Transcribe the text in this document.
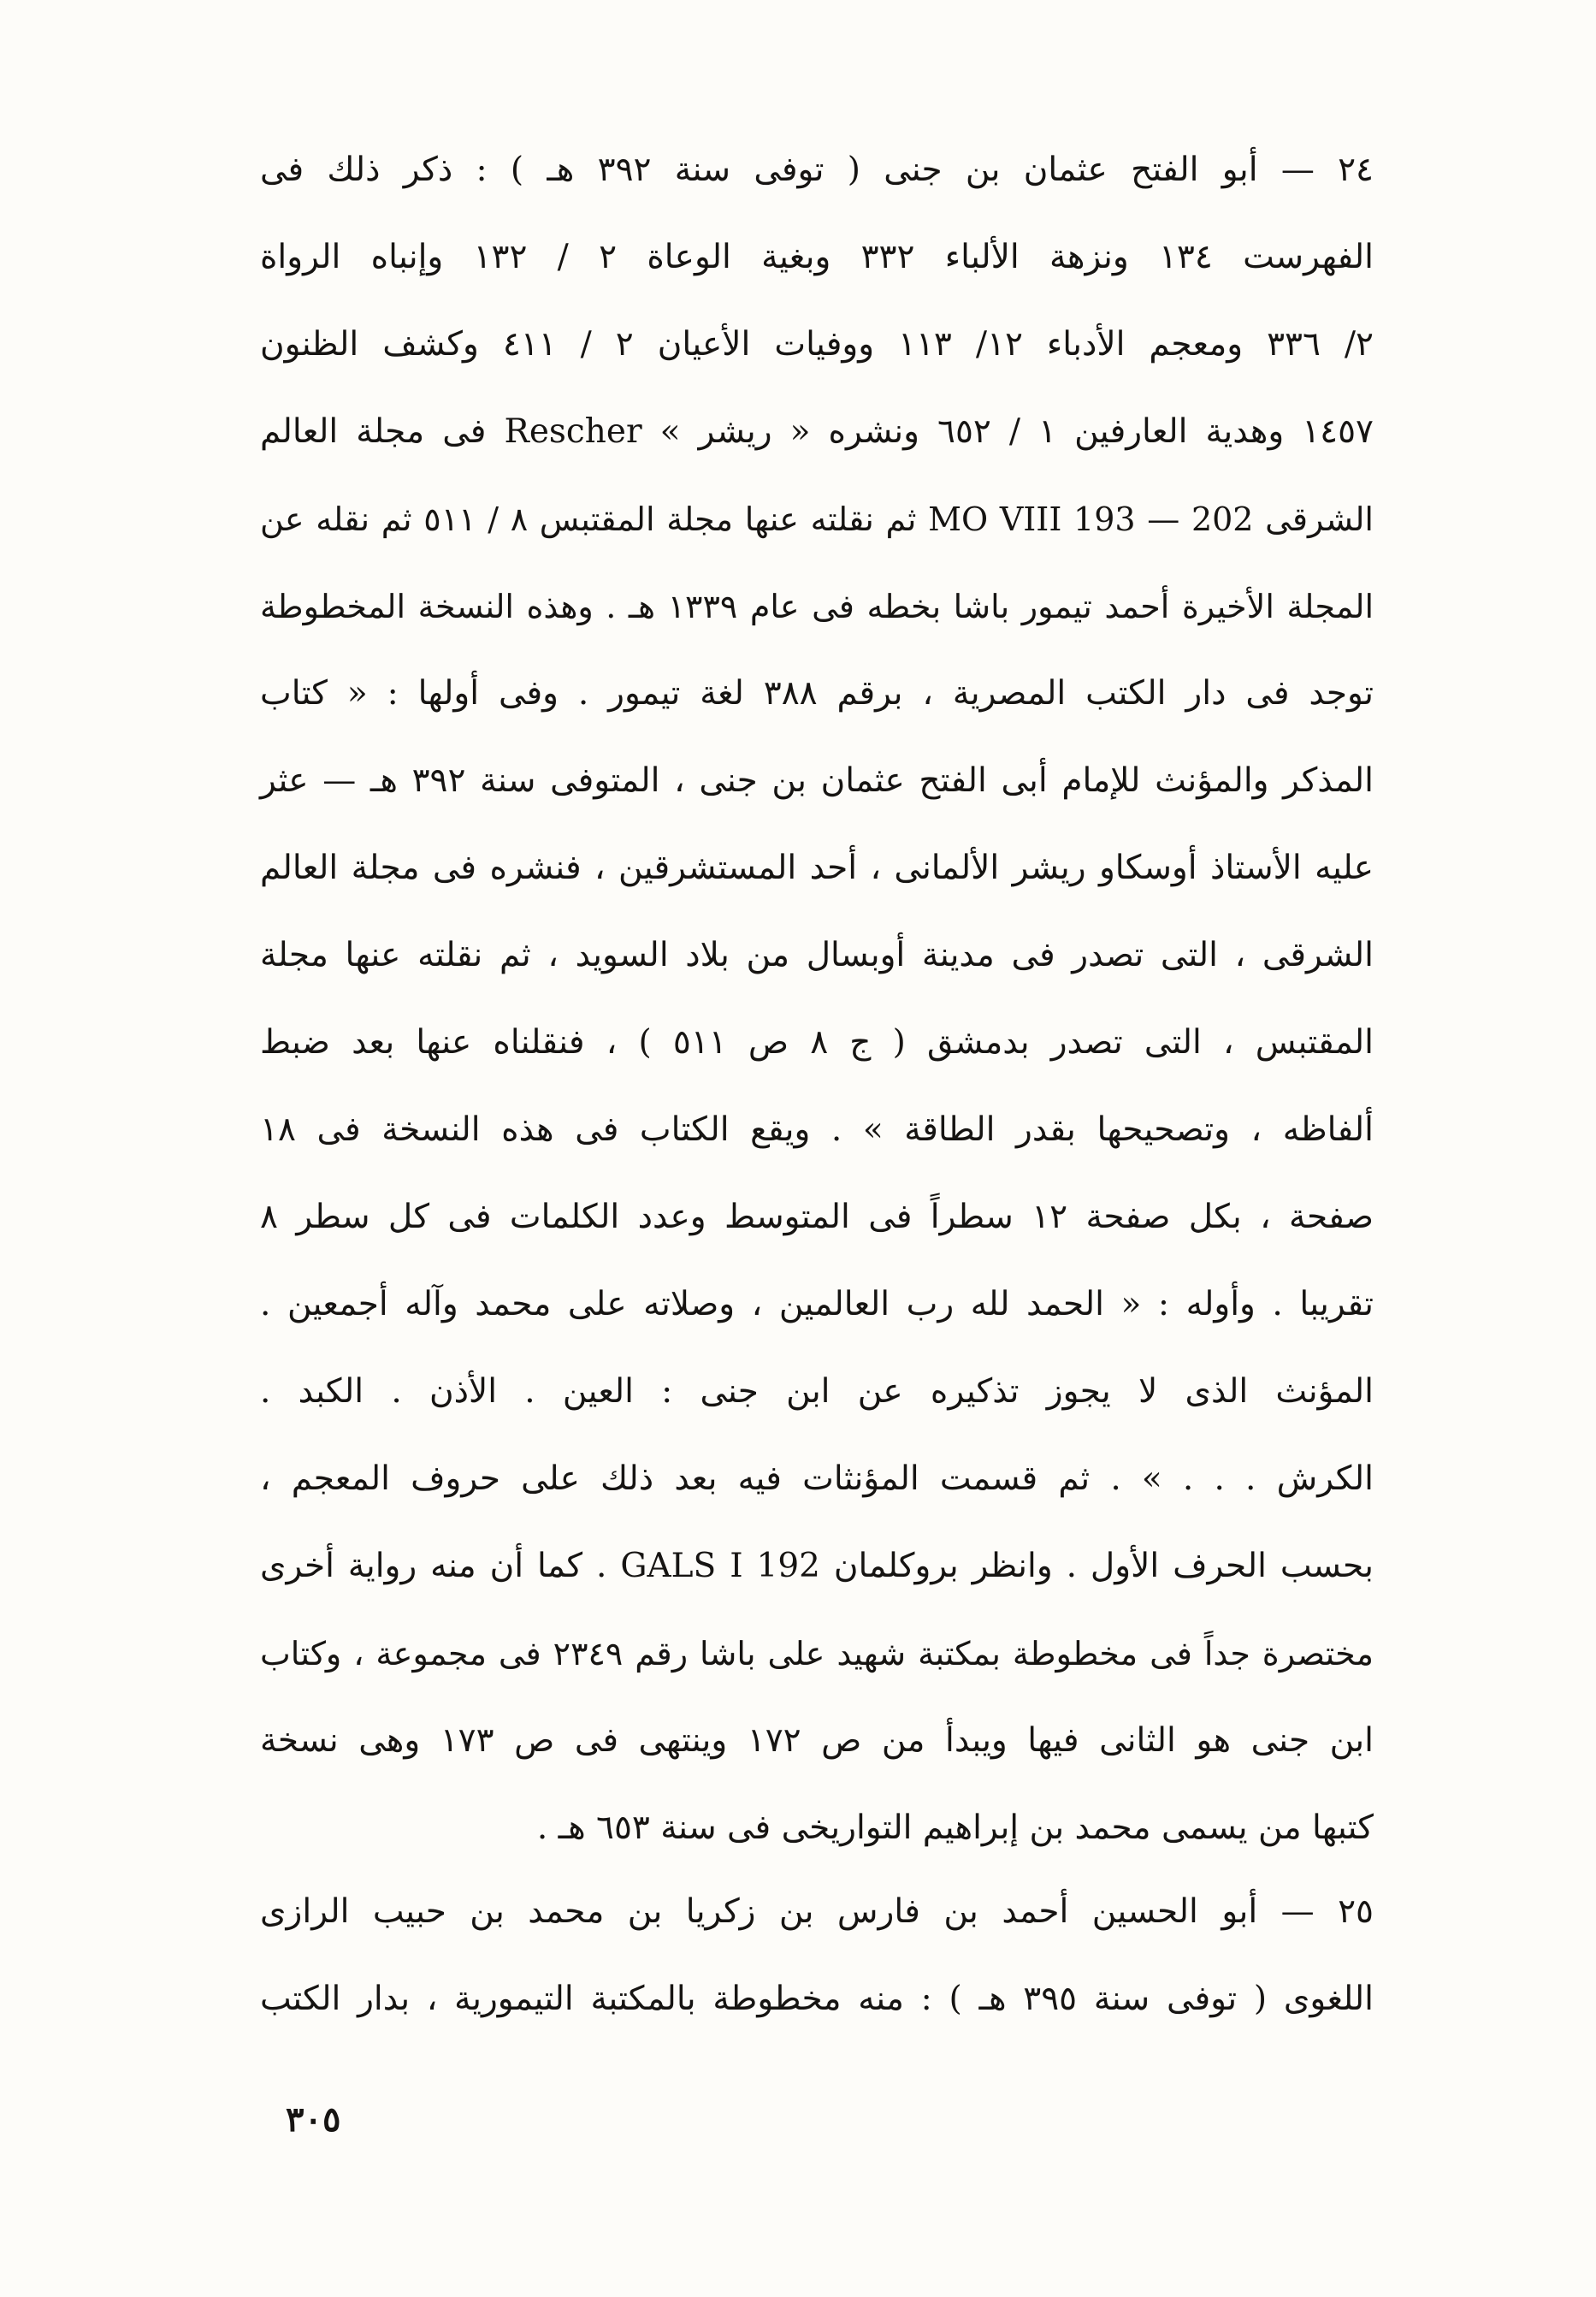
٢٤ — أبو الفتح عثمان بن جنى ( توفى سنة ٣٩٢ هـ ) : ذكر ذلك فى
الفهرست ١٣٤ ونزهة الألباء ٣٣٢ وبغية الوعاة ٢ / ١٣٢ وإنباه الرواة
٢/ ٣٣٦ ومعجم الأدباء ١٢/ ١١٣ ووفيات الأعيان ٢ / ٤١١ وكشف الظنون
١٤٥٧ وهدية العارفين ١ / ٦٥٢ ونشره « ريشر » Rescher فى مجلة العالم
الشرقى 202 — MO VIII 193 ثم نقلته عنها مجلة المقتبس ٨ / ٥١١ ثم نقله عن
المجلة الأخيرة أحمد تيمور باشا بخطه فى عام ١٣٣٩ هـ . وهذه النسخة المخطوطة
توجد فى دار الكتب المصرية ، برقم ٣٨٨ لغة تيمور . وفى أولها : « كتاب
المذكر والمؤنث للإمام أبى الفتح عثمان بن جنى ، المتوفى سنة ٣٩٢ هـ — عثر
عليه الأستاذ أوسكاو ريشر الألمانى ، أحد المستشرقين ، فنشره فى مجلة العالم
الشرقى ، التى تصدر فى مدينة أوبسال من بلاد السويد ، ثم نقلته عنها مجلة
المقتبس ، التى تصدر بدمشق ( ج ٨ ص ٥١١ ) ، فنقلناه عنها بعد ضبط
ألفاظه ، وتصحيحها بقدر الطاقة » . ويقع الكتاب فى هذه النسخة فى ١٨
صفحة ، بكل صفحة ١٢ سطراً فى المتوسط وعدد الكلمات فى كل سطر ٨
تقريبا . وأوله : « الحمد لله رب العالمين ، وصلاته على محمد وآله أجمعين .
المؤنث الذى لا يجوز تذكيره عن ابن جنى : العين . الأذن . الكبد .
الكرش . . . » . ثم قسمت المؤنثات فيه بعد ذلك على حروف المعجم ،
بحسب الحرف الأول . وانظر بروكلمان GALS I 192 . كما أن منه رواية أخرى
مختصرة جداً فى مخطوطة بمكتبة شهيد على باشا رقم ٢٣٤٩ فى مجموعة ، وكتاب
ابن جنى هو الثانى فيها ويبدأ من ص ١٧٢ وينتهى فى ص ١٧٣ وهى نسخة
كتبها من يسمى محمد بن إبراهيم التواريخى فى سنة ٦٥٣ هـ .
٢٥ — أبو الحسين أحمد بن فارس بن زكريا بن محمد بن حبيب الرازى
اللغوى ( توفى سنة ٣٩٥ هـ ) : منه مخطوطة بالمكتبة التيمورية ، بدار الكتب
٣٠٥
